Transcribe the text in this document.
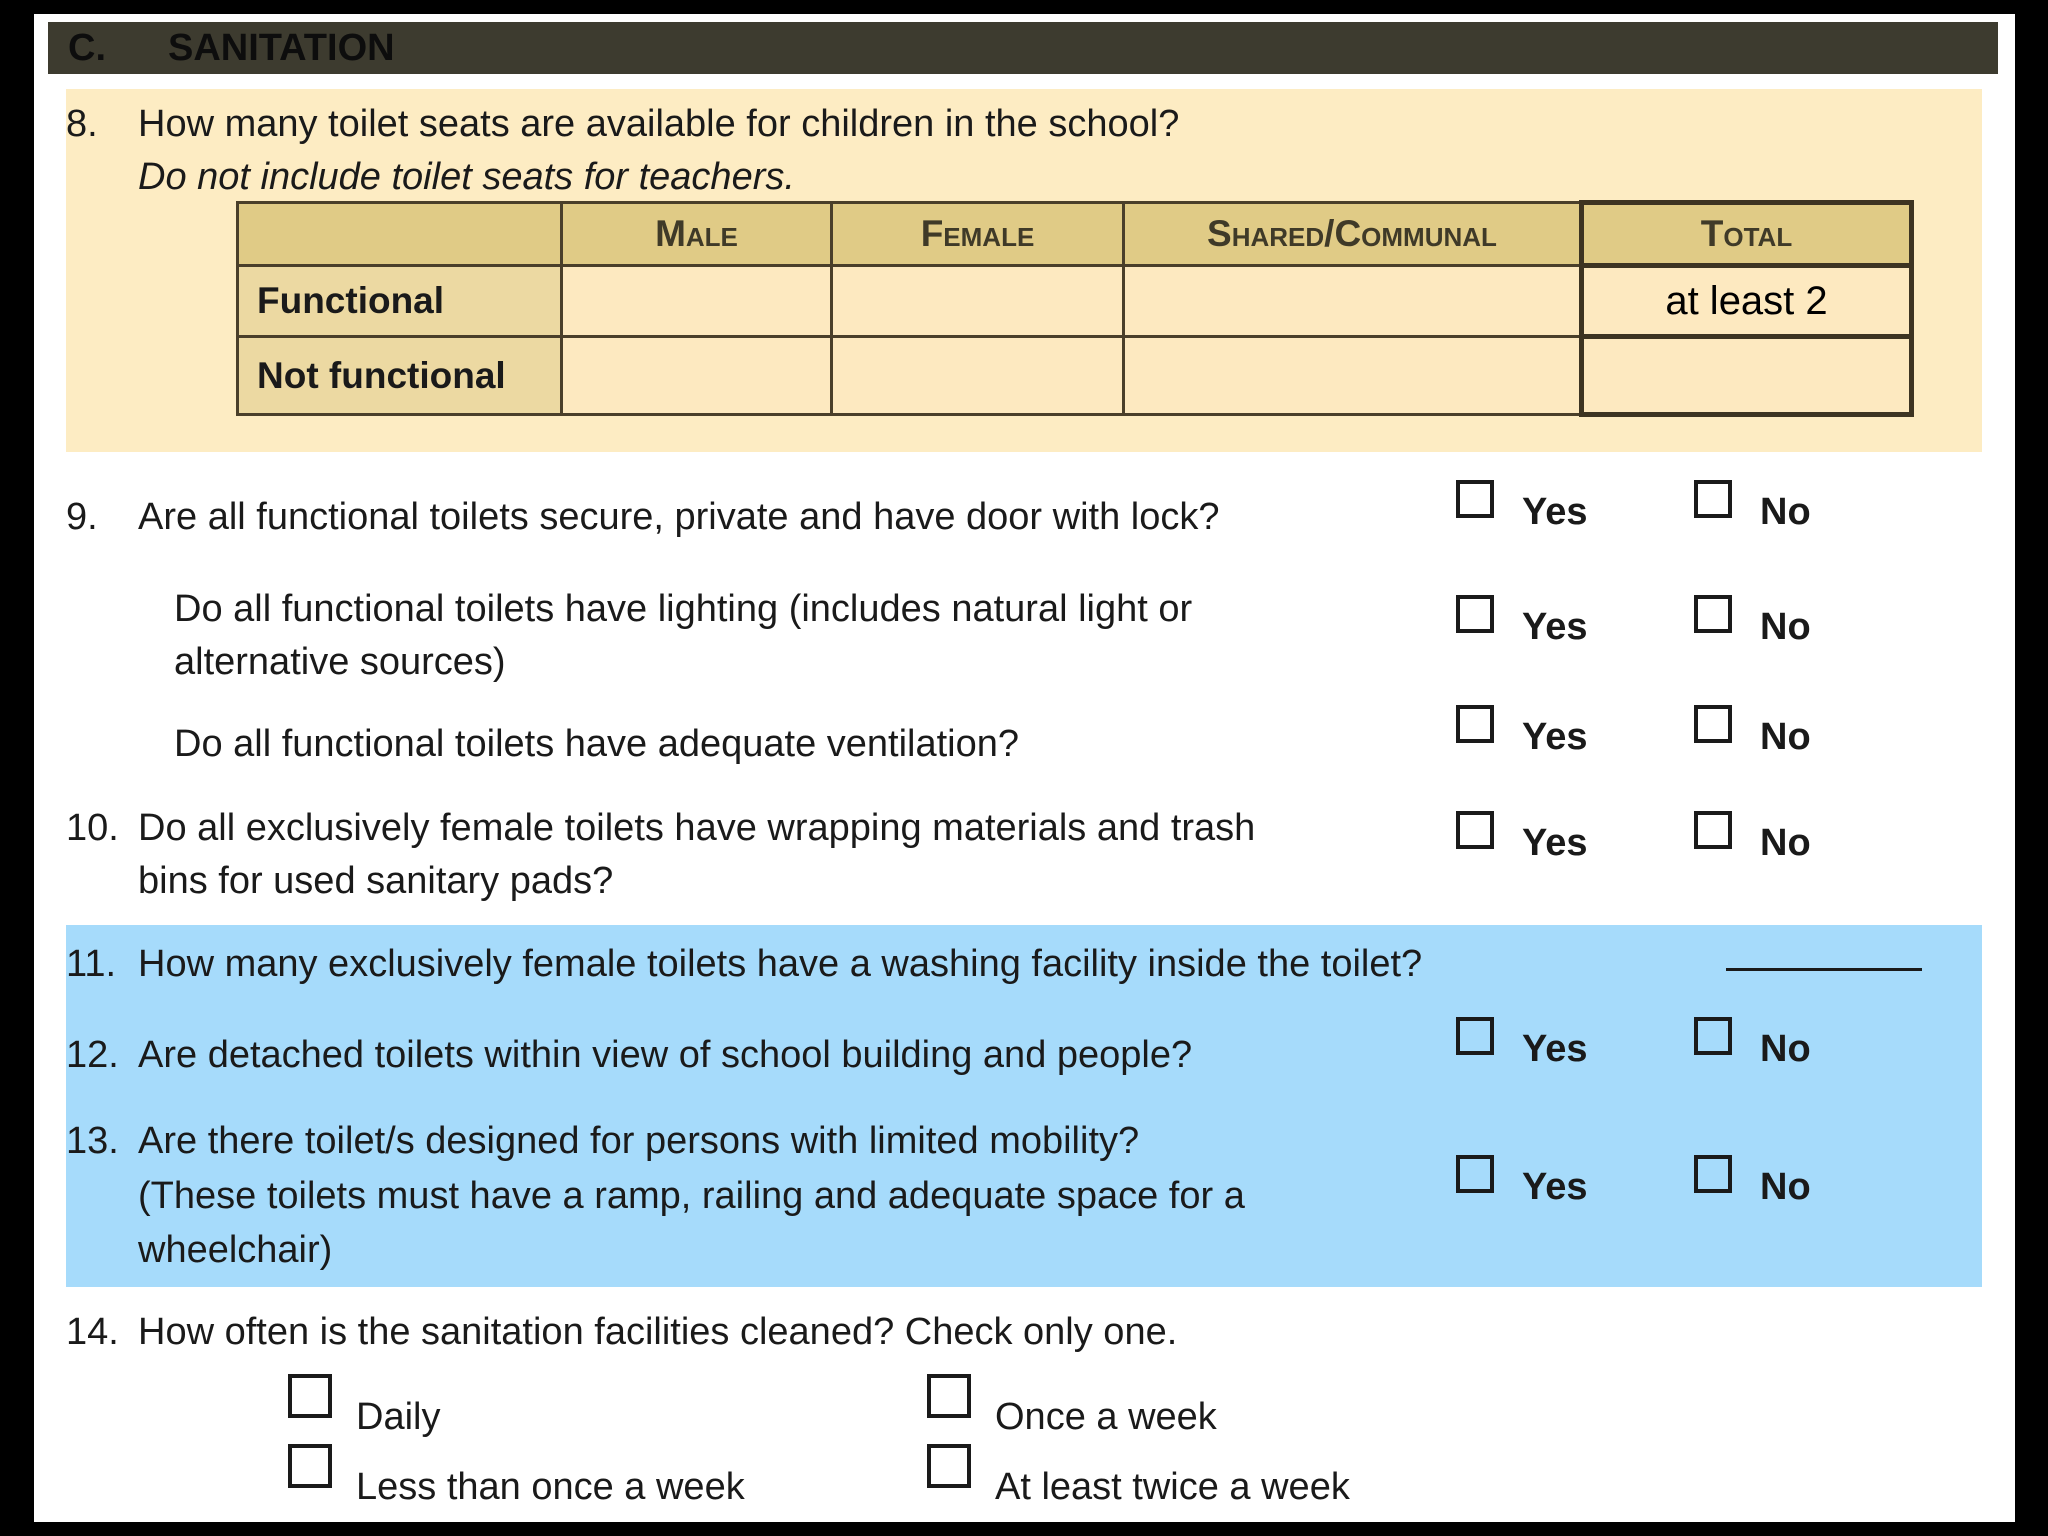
C. SANITATION
8. How many toilet seats are available for children in the school?
Do not include toilet seats for teachers.
	Male	Female	Shared/Communal	Total
Functional				at least 2
Not functional				
9. Are all functional toilets secure, private and have door with lock?	Yes	No
Do all functional toilets have lighting (includes natural light or
alternative sources)
Yes	No
Do all functional toilets have adequate ventilation?	Yes	No
10. Do all exclusively female toilets have wrapping materials and trash
bins for used sanitary pads?
Yes	No
11. How many exclusively female toilets have a washing facility inside the toilet?
12. Are detached toilets within view of school building and people?	Yes	No
13. Are there toilet/s designed for persons with limited mobility?
(These toilets must have a ramp, railing and adequate space for a
wheelchair)
Yes	No
14. How often is the sanitation facilities cleaned? Check only one.
Daily	Once a week
Less than once a week	At least twice a week
